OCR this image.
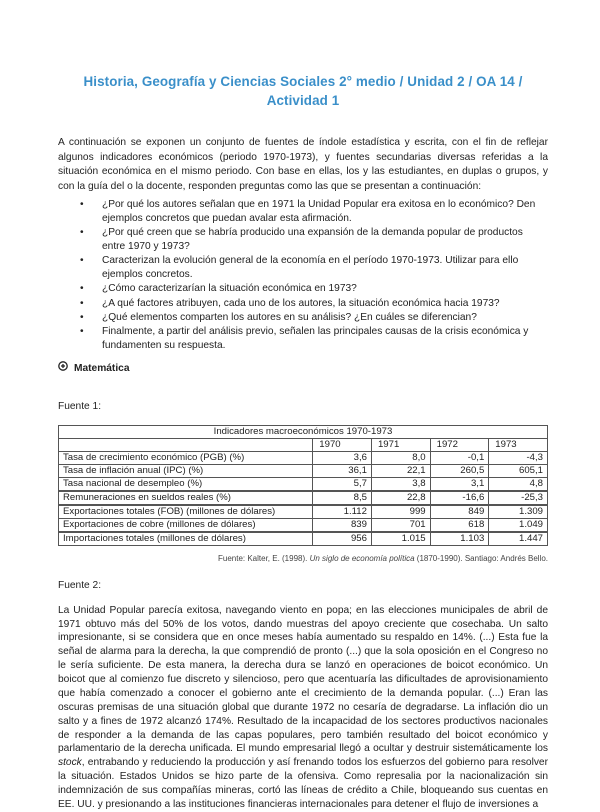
Historia, Geografía y Ciencias Sociales 2° medio / Unidad 2 / OA 14 / Actividad 1

A continuación se exponen un conjunto de fuentes de índole estadística y escrita, con el fin de reflejar algunos indicadores económicos (periodo 1970-1973), y fuentes secundarias diversas referidas a la situación económica en el mismo periodo. Con base en ellas, los y las estudiantes, en duplas o grupos, y con la guía del o la docente, responden preguntas como las que se presentan a continuación:

• ¿Por qué los autores señalan que en 1971 la Unidad Popular era exitosa en lo económico? Den ejemplos concretos que puedan avalar esta afirmación.
• ¿Por qué creen que se habría producido una expansión de la demanda popular de productos entre 1970 y 1973?
• Caracterizan la evolución general de la economía en el período 1970-1973. Utilizar para ello ejemplos concretos.
• ¿Cómo caracterizarían la situación económica en 1973?
• ¿A qué factores atribuyen, cada uno de los autores, la situación económica hacia 1973?
• ¿Qué elementos comparten los autores en su análisis? ¿En cuáles se diferencian?
• Finalmente, a partir del análisis previo, señalen las principales causas de la crisis económica y fundamenten su respuesta.
Matemática
Fuente 1:
Indicadores macroeconómicos 1970-1973				
	1970	1971	1972	1973
Tasa de crecimiento económico (PGB) (%)	3,6	8,0	-0,1	-4,3
Tasa de inflación anual (IPC) (%)	36,1	22,1	260,5	605,1
Tasa nacional de desempleo (%)	5,7	3,8	3,1	4,8
Remuneraciones en sueldos reales (%)	8,5	22,8	-16,6	-25,3
Exportaciones totales (FOB) (millones de dólares)	1.112	999	849	1.309
Exportaciones de cobre (millones de dólares)	839	701	618	1.049
Importaciones totales (millones de dólares)	956	1.015	1.103	1.447
Fuente: Kalter, E. (1998). Un siglo de economía política (1870-1990). Santiago: Andrés Bello.
Fuente 2:

La Unidad Popular parecía exitosa, navegando viento en popa; en las elecciones municipales de abril de 1971 obtuvo más del 50% de los votos, dando muestras del apoyo creciente que cosechaba. Un salto impresionante, si se considera que en once meses había aumentado su respaldo en 14%. (...) Esta fue la señal de alarma para la derecha, la que comprendió de pronto (...) que la sola oposición en el Congreso no le sería suficiente. De esta manera, la derecha dura se lanzó en operaciones de boicot económico. Un boicot que al comienzo fue discreto y silencioso, pero que acentuaría las dificultades de aprovisionamiento que había comenzado a conocer el gobierno ante el crecimiento de la demanda popular. (...) Eran las oscuras premisas de una situación global que durante 1972 no cesaría de degradarse. La inflación dio un salto y a fines de 1972 alcanzó 174%. Resultado de la incapacidad de los sectores productivos nacionales de responder a la demanda de las capas populares, pero también resultado del boicot económico y parlamentario de la derecha unificada. El mundo empresarial llegó a ocultar y destruir sistemáticamente los stock, entrabando y reduciendo la producción y así frenando todos los esfuerzos del gobierno para resolver la situación. Estados Unidos se hizo parte de la ofensiva. Como represalia por la nacionalización sin indemnización de sus compañías mineras, cortó las líneas de crédito a Chile, bloqueando sus cuentas en EE. UU. y presionando a las instituciones financieras internacionales para detener el flujo de inversiones a
